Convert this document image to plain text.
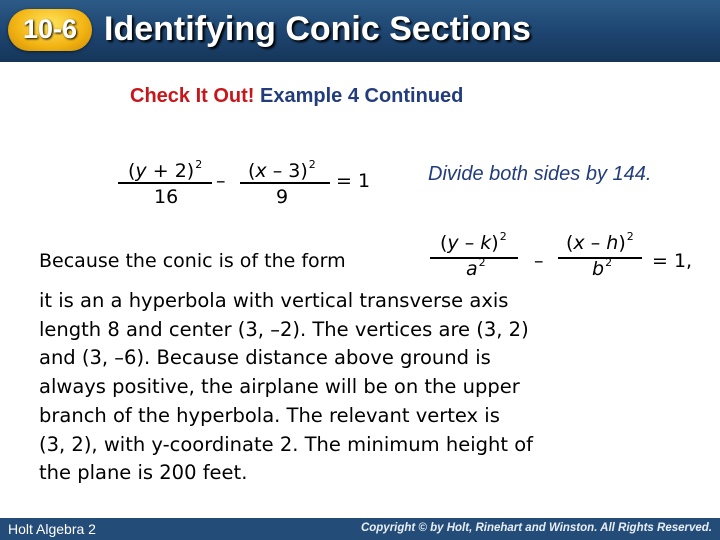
10-6 Identifying Conic Sections
Check It Out! Example 4 Continued
$(y + 2)^2$
16
– (x – 3)$^2$
9
= 1	Divide both sides by 144.
Because the conic is of the form
(y – k)$^2$
$a^2$	–
(x – h)$^2$
$b^2 = 1$,

it is an a hyperbola with vertical transverse axis
length 8 and center (3, –2). The vertices are (3, 2)
and (3, –6). Because distance above ground is
always positive, the airplane will be on the upper
branch of the hyperbola. The relevant vertex is
(3, 2), with y-coordinate 2. The minimum height of
the plane is 200 feet.

Holt Algebra 2	Copyright © by Holt, Rinehart and Winston. All Rights Reserved.
